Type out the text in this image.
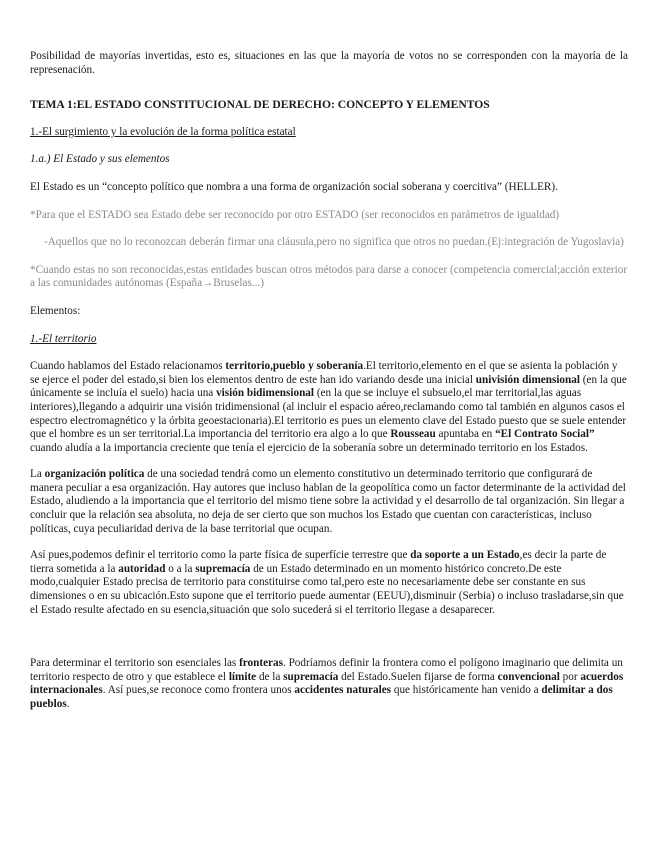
Posibilidad de mayorías invertidas, esto es, situaciones en las que la mayoría de votos no se corresponden con la mayoría de la represenación.

TEMA 1:EL ESTADO CONSTITUCIONAL DE DERECHO: CONCEPTO Y ELEMENTOS

1.-El surgimiento y la evolución de la forma política estatal

1.a.) El Estado y sus elementos

El Estado es un “concepto político que nombra a una forma de organización social soberana y coercitiva” (HELLER).

*Para que el ESTADO sea Estado debe ser reconocido por otro ESTADO (ser reconocidos en parámetros de igualdad)

-Aquellos que no lo reconozcan deberán firmar una cláusula,pero no significa que otros no puedan.(Ej:integración de Yugoslavia)

*Cuando estas no son reconocidas,estas entidades buscan otros métodos para darse a conocer (competencia comercial;acción exterior a las comunidades autónomas (España→Bruselas...)

Elementos:

1.-El territorio

Cuando hablamos del Estado relacionamos territorio,pueblo y soberanía.El territorio,elemento en el que se asienta la población y se ejerce el poder del estado,si bien los elementos dentro de este han ido variando desde una inicial univisión dimensional (en la que únicamente se incluía el suelo) hacia una visión bidimensional (en la que se incluye el subsuelo,el mar territorial,las aguas interiores),llegando a adquirir una visión tridimensional (al incluir el espacio aéreo,reclamando como tal también en algunos casos el espectro electromagnético y la órbita geoestacionaria).El territorio es pues un elemento clave del Estado puesto que se suele entender que el hombre es un ser territorial.La importancia del territorio era algo a lo que Rousseau apuntaba en “El Contrato Social” cuando aludía a la importancia creciente que tenía el ejercicio de la soberanía sobre un determinado territorio en los Estados.

La organización política de una sociedad tendrá como un elemento constitutivo un determinado territorio que configurará de manera peculiar a esa organización. Hay autores que incluso hablan de la geopolítica como un factor determinante de la actividad del Estado, aludiendo a la importancia que el territorio del mismo tiene sobre la actividad y el desarrollo de tal organización. Sin llegar a concluir que la relación sea absoluta, no deja de ser cierto que son muchos los Estado que cuentan con características, incluso políticas, cuya peculiaridad deriva de la base territorial que ocupan.

Así pues,podemos definir el territorio como la parte física de superfície terrestre que da soporte a un Estado,es decir la parte de tierra sometida a la autoridad o a la supremacía de un Estado determinado en un momento histórico concreto.De este modo,cualquier Estado precisa de territorio para constituirse como tal,pero este no necesariamente debe ser constante en sus dimensiones o en su ubicación.Esto supone que el territorio puede aumentar (EEUU),disminuir (Serbia) o incluso trasladarse,sin que el Estado resulte afectado en su esencia,situación que solo sucederá si el territorio llegase a desaparecer.

Para determinar el territorio son esenciales las fronteras. Podríamos definir la frontera como el polígono imaginario que delimita un territorio respecto de otro y que establece el límite de la supremacía del Estado.Suelen fijarse de forma convencional por acuerdos internacionales. Así pues,se reconoce como frontera unos accidentes naturales que históricamente han venido a delimitar a dos pueblos.
